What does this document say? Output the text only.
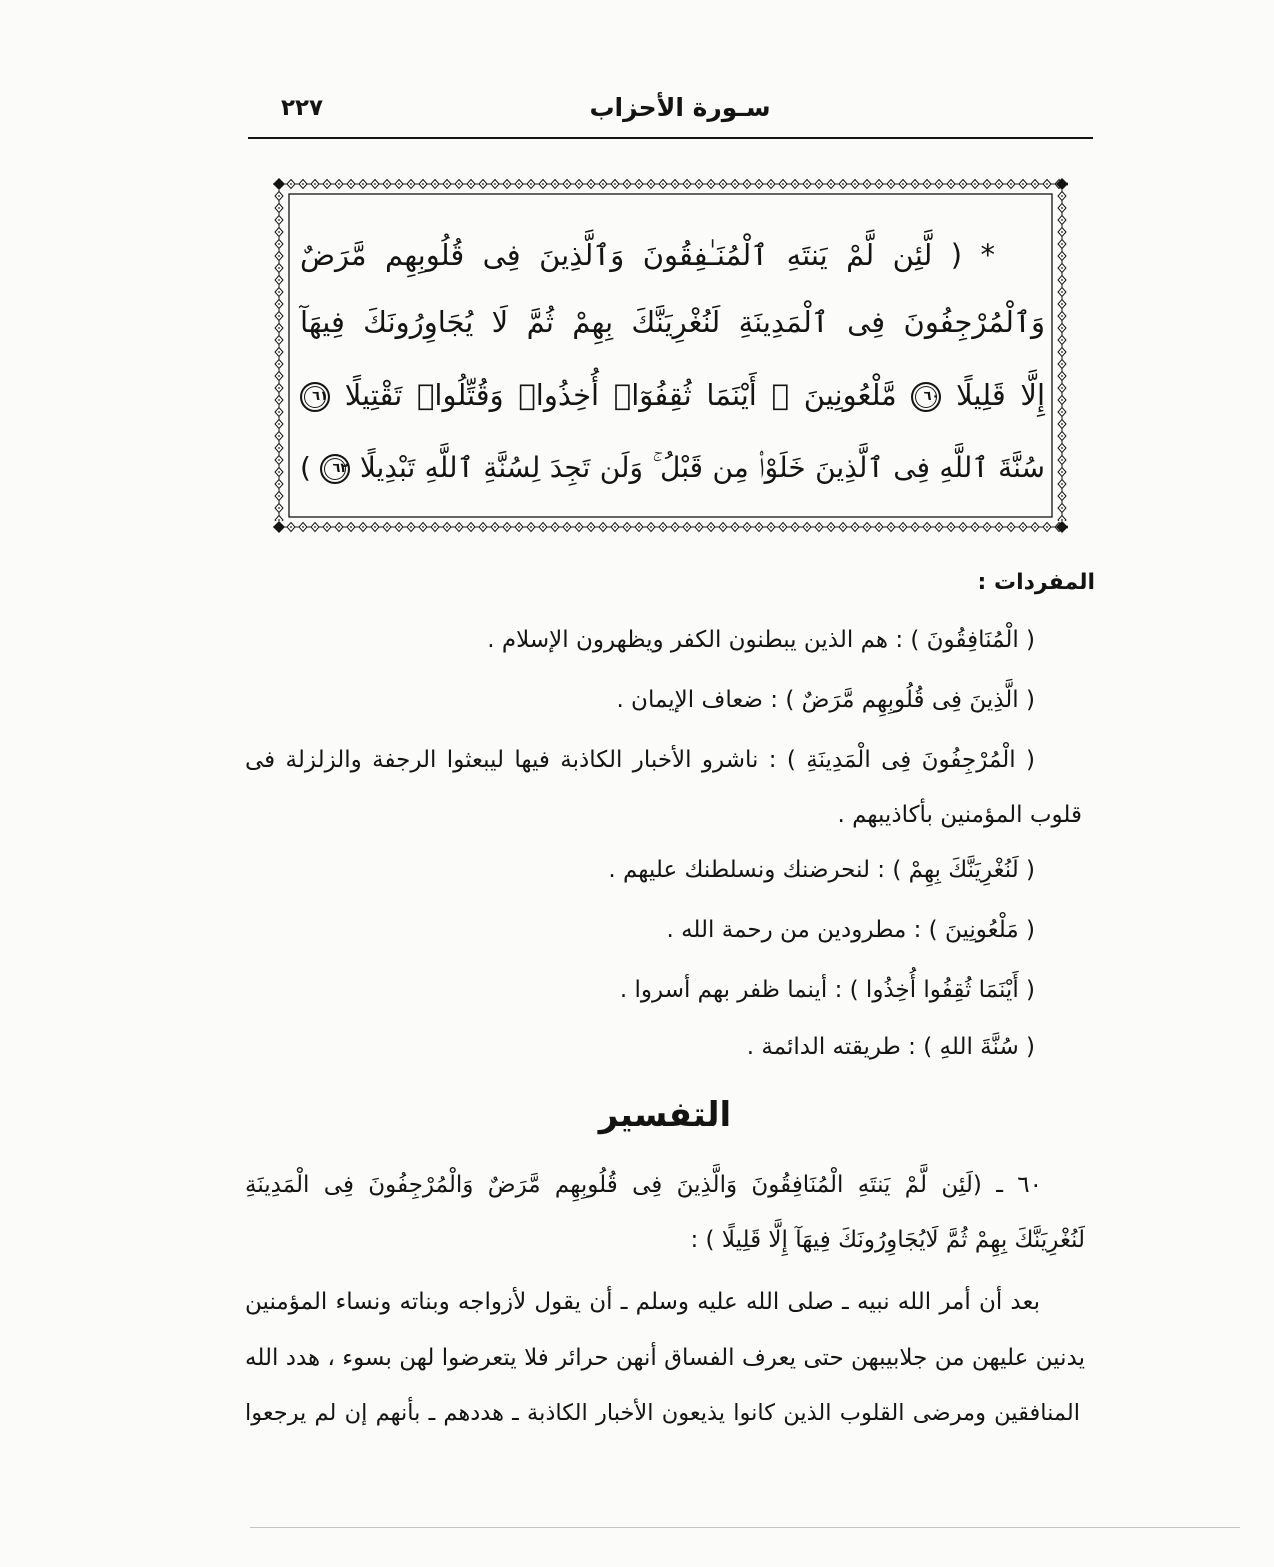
٢٢٧	سـورة الأحزاب
* ( لَّئِن لَّمْ يَنتَهِ ٱلْمُنَـٰفِقُونَ وَٱلَّذِينَ فِى قُلُوبِهِم مَّرَضٌ
وَٱلْمُرْجِفُونَ فِى ٱلْمَدِينَةِ لَنُغْرِيَنَّكَ بِهِمْ ثُمَّ لَا يُجَاوِرُونَكَ فِيهَآ
إِلَّا قَلِيلًا ٦٠ مَّلْعُونِينَ ۚ أَيْنَمَا ثُقِفُوٓا۟ أُخِذُوا۟ وَقُتِّلُوا۟ تَقْتِيلًا ٦١
سُنَّةَ ٱللَّهِ فِى ٱلَّذِينَ خَلَوْا۟ مِن قَبْلُ ۚ وَلَن تَجِدَ لِسُنَّةِ ٱللَّهِ تَبْدِيلًا ٦٢ )
المفردات :
( الْمُنَافِقُونَ ) : هم الذين يبطنون الكفر ويظهرون الإسلام .
( الَّذِينَ فِى قُلُوبِهِم مَّرَضٌ ) : ضعاف الإيمان .
( الْمُرْجِفُونَ فِى الْمَدِينَةِ ) : ناشرو الأخبار الكاذبة فيها ليبعثوا الرجفة والزلزلة فى
قلوب المؤمنين بأكاذيبهم .
( لَنُغْرِيَنَّكَ بِهِمْ ) : لنحرضنك ونسلطنك عليهم .
( مَلْعُونِينَ ) : مطرودين من رحمة الله .
( أَيْنَمَا ثُقِفُوا أُخِذُوا ) : أينما ظفر بهم أسروا .
( سُنَّةَ اللهِ ) : طريقته الدائمة .
التفسير
٦٠ ـ (لَئِن لَّمْ يَنتَهِ الْمُنَافِقُونَ وَالَّذِينَ فِى قُلُوبِهِم مَّرَضٌ وَالْمُرْجِفُونَ فِى الْمَدِينَةِ
لَنُغْرِيَنَّكَ بِهِمْ ثُمَّ لَايُجَاوِرُونَكَ فِيهَآ إِلَّا قَلِيلًا ) :
بعد أن أمر الله نبيه ـ صلى الله عليه وسلم ـ أن يقول لأزواجه وبناته ونساء المؤمنين
يدنين عليهن من جلابيبهن حتى يعرف الفساق أنهن حرائر فلا يتعرضوا لهن بسوء ، هدد الله
المنافقين ومرضى القلوب الذين كانوا يذيعون الأخبار الكاذبة ـ هددهم ـ بأنهم إن لم يرجعوا
